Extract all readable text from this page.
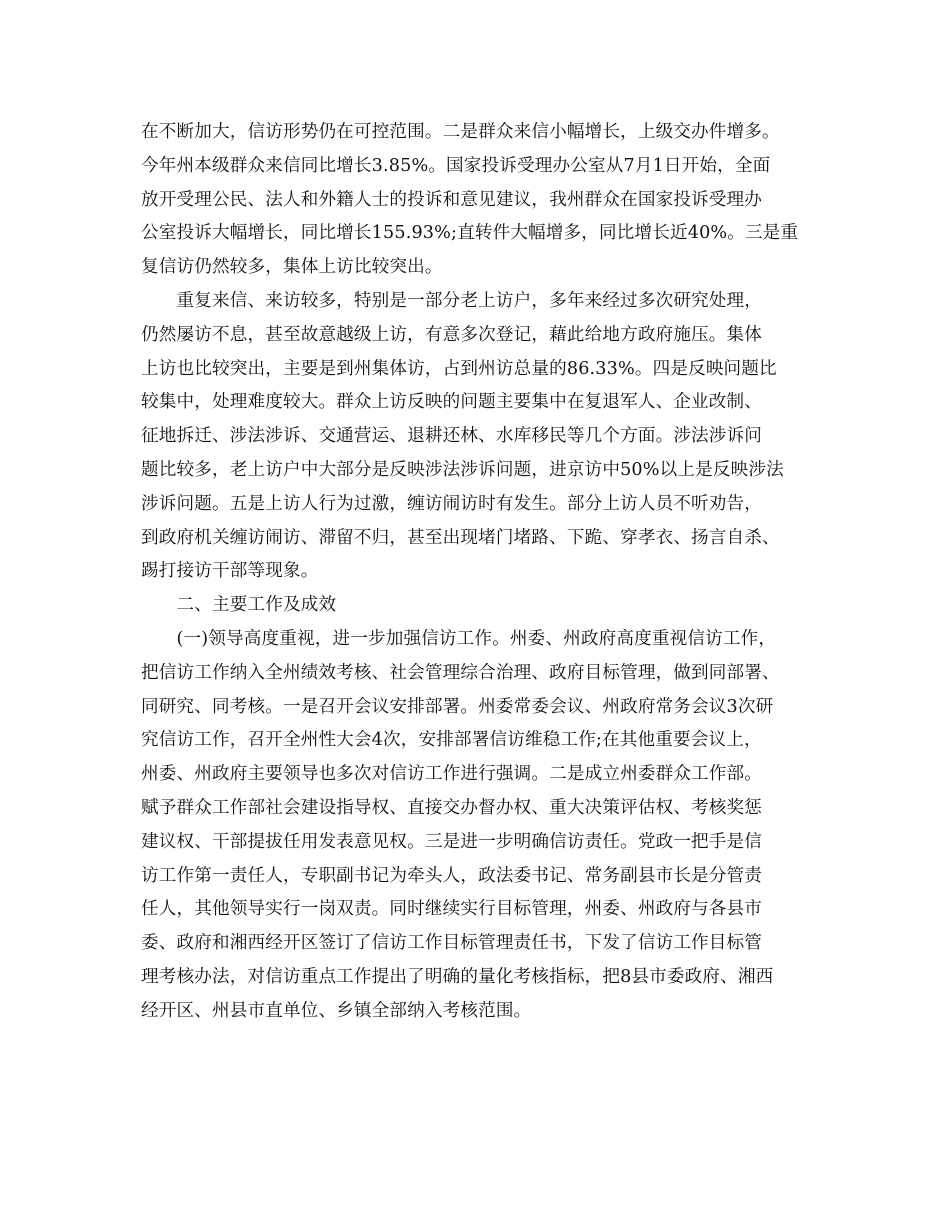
在不断加大，信访形势仍在可控范围。二是群众来信小幅增长，上级交办件增多。
今年州本级群众来信同比增长3.85%。国家投诉受理办公室从7月1日开始，全面
放开受理公民、法人和外籍人士的投诉和意见建议，我州群众在国家投诉受理办
公室投诉大幅增长，同比增长155.93%;直转件大幅增多，同比增长近40%。三是重
复信访仍然较多，集体上访比较突出。
　　重复来信、来访较多，特别是一部分老上访户，多年来经过多次研究处理，
仍然屡访不息，甚至故意越级上访，有意多次登记，藉此给地方政府施压。集体
上访也比较突出，主要是到州集体访，占到州访总量的86.33%。四是反映问题比
较集中，处理难度较大。群众上访反映的问题主要集中在复退军人、企业改制、
征地拆迁、涉法涉诉、交通营运、退耕还林、水库移民等几个方面。涉法涉诉问
题比较多，老上访户中大部分是反映涉法涉诉问题，进京访中50%以上是反映涉法
涉诉问题。五是上访人行为过激，缠访闹访时有发生。部分上访人员不听劝告，
到政府机关缠访闹访、滞留不归，甚至出现堵门堵路、下跪、穿孝衣、扬言自杀、
踢打接访干部等现象。
　　二、主要工作及成效
　　(一)领导高度重视，进一步加强信访工作。州委、州政府高度重视信访工作，
把信访工作纳入全州绩效考核、社会管理综合治理、政府目标管理，做到同部署、
同研究、同考核。一是召开会议安排部署。州委常委会议、州政府常务会议3次研
究信访工作，召开全州性大会4次，安排部署信访维稳工作;在其他重要会议上，
州委、州政府主要领导也多次对信访工作进行强调。二是成立州委群众工作部。
赋予群众工作部社会建设指导权、直接交办督办权、重大决策评估权、考核奖惩
建议权、干部提拔任用发表意见权。三是进一步明确信访责任。党政一把手是信
访工作第一责任人，专职副书记为牵头人，政法委书记、常务副县市长是分管责
任人，其他领导实行一岗双责。同时继续实行目标管理，州委、州政府与各县市
委、政府和湘西经开区签订了信访工作目标管理责任书，下发了信访工作目标管
理考核办法，对信访重点工作提出了明确的量化考核指标，把8县市委政府、湘西
经开区、州县市直单位、乡镇全部纳入考核范围。
